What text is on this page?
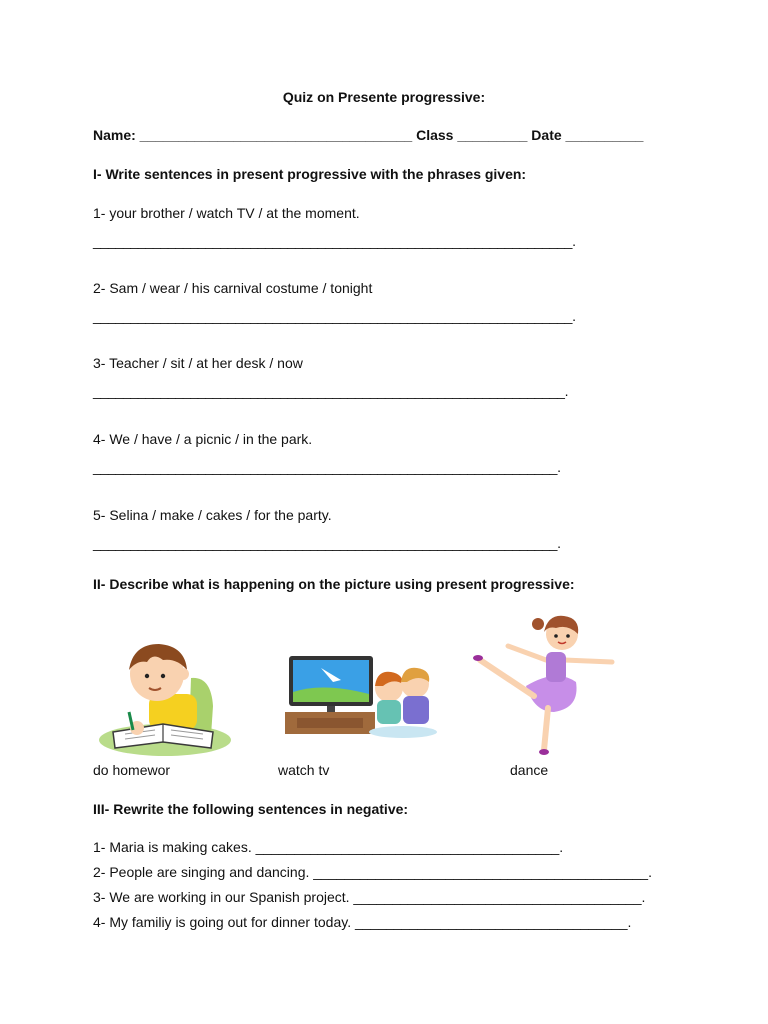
Quiz on Presente progressive:
Name: ___________________________________ Class _________ Date __________
I- Write sentences in present progressive with the phrases given:
1- your brother / watch TV / at the moment.
________________________________________________________________.
2- Sam / wear / his carnival costume / tonight
________________________________________________________________.
3- Teacher / sit / at her desk / now
_______________________________________________________________.
4- We / have / a picnic / in the park.
______________________________________________________________.
5- Selina / make / cakes / for the party.
______________________________________________________________.
II- Describe what is happening on the picture using present progressive:
do homewor	watch tv	dance
III- Rewrite the following sentences in negative:
1- Maria is making cakes. _______________________________________.
2- People are singing and dancing. ___________________________________________.
3- We are working in our Spanish project. _____________________________________.
4- My familiy is going out for dinner today. ___________________________________.
